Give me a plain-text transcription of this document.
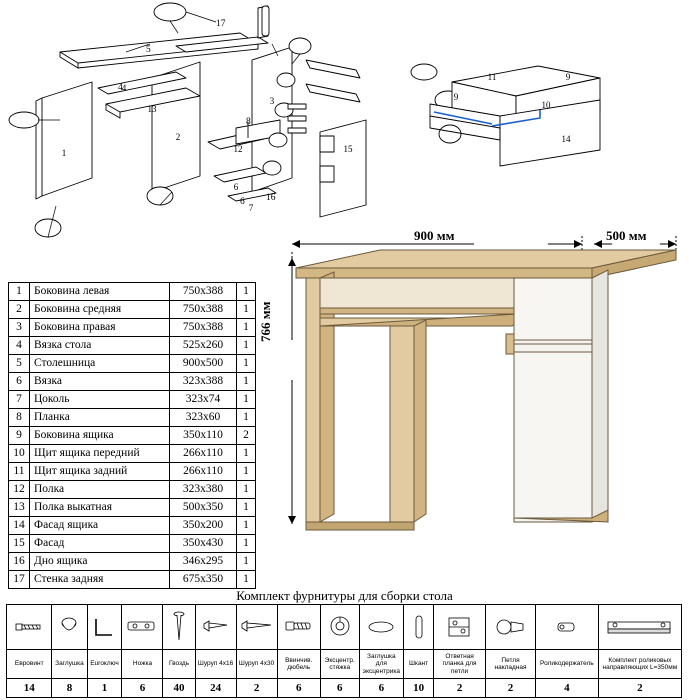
1
2
3
4
13
12
6
7
15
11	9
9
10
14
17
5
4
8
16
6
1	Боковина левая	750х388	1
2	Боковина средняя	750х388	1
3	Боковина правая	750х388	1
4	Вязка стола	525х260	1
5	Столешница	900х500	1
6	Вязка	323х388	1
7	Цоколь	323х74	1
8	Планка	323х60	1
9	Боковина ящика	350х110	2
10	Щит ящика передний	266х110	1
11	Щит ящика задний	266х110	1
12	Полка	323х380	1
13	Полка выкатная	500х350	1
14	Фасад ящика	350х200	1
15	Фасад	350х430	1
16	Дно ящика	346х295	1
17	Стенка задняя	675х350	1
900 мм	500 мм
766 мм
Комплект фурнитуры для сборки стола

Евровинт	Заглушка	Euroключ	Ножка	Гвоздь	Шуруп 4х16	Шуруп 4х30	Ввинчив. дюбель	Эксцентр. стяжка	Заглушка для эксцентрика	Шкант	Ответная планка для петли	Петля накладная	Роликодержатель	Комплект роликовых направляющих L=350мм
14	8	1	6	40	24	2	6	6	6	10	2	2	4	2
